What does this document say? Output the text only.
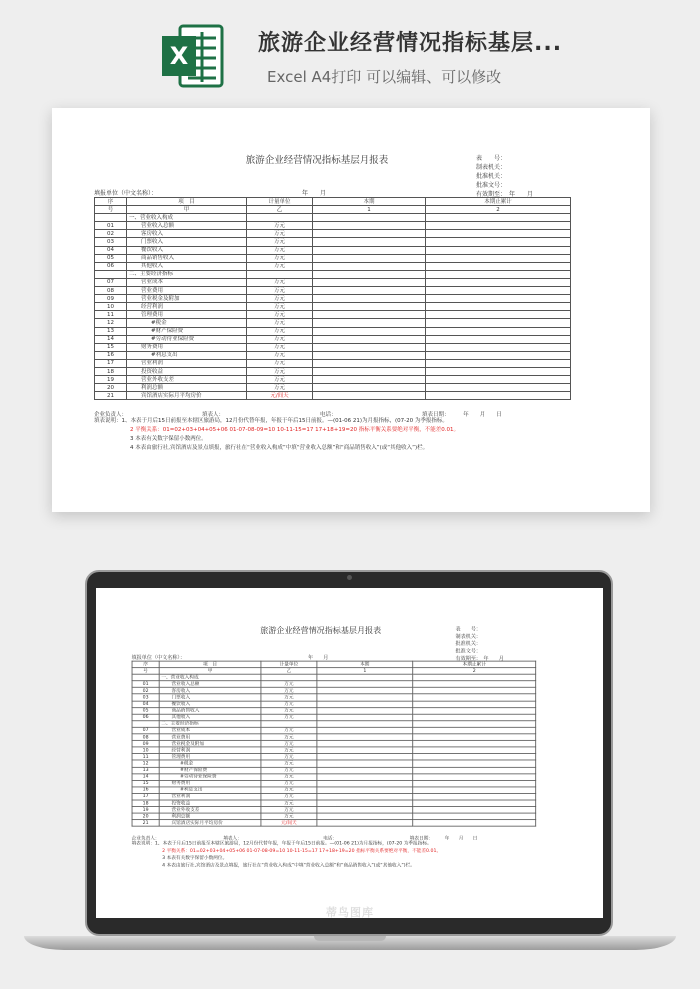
X	旅游企业经营情况指标基层...
Excel A4打印 可以编辑、可以修改
旅游企业经营情况指标基层月报表	表　　号：
制表机关：
批准机关：
批准文号：
有效期至：　年　　月
填报单位（中文名称）：	年　　月
序	项　目	计量单位	本期	本期止累计
号	甲	乙	1	2
	一、营业收入构成			
01	营业收入总额	万元		
02	客房收入	万元		
03	门票收入	万元		
04	餐饮收入	万元		
05	商品销售收入	万元		
06	其他收入	万元		
	二、主要经济指标			
07	营业成本	万元		
08	营业费用	万元		
09	营业税金及附加	万元		
10	经营利润	万元		
11	管理费用	万元		
12	#税金	万元		
13	#财产保险费	万元		
14	#劳动待业保险费	万元		
15	财务费用	万元		
16	#利息支出	万元		
17	营业利润	万元		
18	投资收益	万元		
19	营业外收支差	万元		
20	利润总额	万元		
21	宾馆酒店实际月平均房价	元/间天		
企业负责人：	填表人：	电话：	填表日期：　　　年　　月　　日
填表说明：1、本表于月后15日前报至本辖区旅游局，12月份代替年报，年报于年后15日前报。—(01-06 21)为月报指标，(07-20 为季报指标。
2 平衡关系：01=02+03+04+05+06 01-07-08-09=10 10-11-15=17 17+18+19=20 指标平衡关系要绝对平衡，不能差0.01。
3 本表有关数字保留小数两位。
4 本表由旅行社,宾馆酒店及景点填报，旅行社在“营业收入构成”中填“营业收入总额”和“商品销售收入”(或“其他收入”)栏。
旅游企业经营情况指标基层月报表	表　　号：
制表机关：
批准机关：
批准文号：
有效期至：　年　　月
填报单位（中文名称）：	年　　月
序	项　目	计量单位	本期	本期止累计
号	甲	乙	1	2
	一、营业收入构成			
01	营业收入总额	万元		
02	客房收入	万元		
03	门票收入	万元		
04	餐饮收入	万元		
05	商品销售收入	万元		
06	其他收入	万元		
	二、主要经济指标			
07	营业成本	万元		
08	营业费用	万元		
09	营业税金及附加	万元		
10	经营利润	万元		
11	管理费用	万元		
12	#税金	万元		
13	#财产保险费	万元		
14	#劳动待业保险费	万元		
15	财务费用	万元		
16	#利息支出	万元		
17	营业利润	万元		
18	投资收益	万元		
19	营业外收支差	万元		
20	利润总额	万元		
21	宾馆酒店实际月平均房价	元/间天		
企业负责人：	填表人：	电话：	填表日期：　　　年　　月　　日
填表说明：1、本表于月后15日前报至本辖区旅游局，12月份代替年报，年报于年后15日前报。—(01-06 21)为月报指标，(07-20 为季报指标。
2 平衡关系：01=02+03+04+05+06 01-07-08-09=10 10-11-15=17 17+18+19=20 指标平衡关系要绝对平衡，不能差0.01。
3 本表有关数字保留小数两位。
4 本表由旅行社,宾馆酒店及景点填报，旅行社在“营业收入构成”中填“营业收入总额”和“商品销售收入”(或“其他收入”)栏。
蒂鸟图库
